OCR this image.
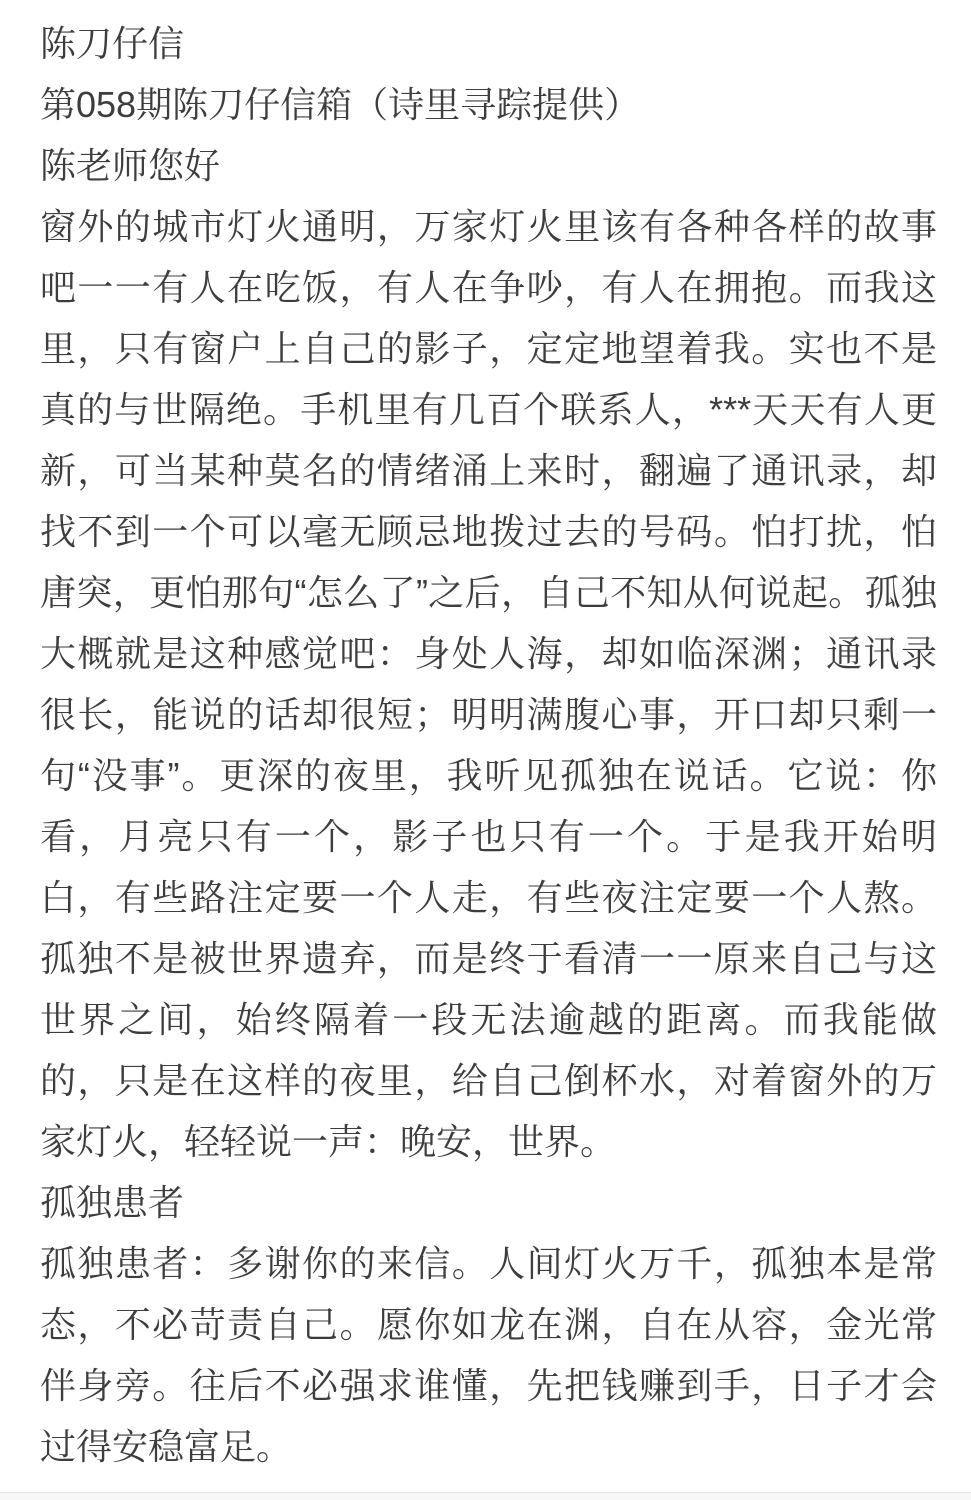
陈刀仔信

第058期陈刀仔信箱（诗里寻踪提供）

陈老师您好

窗外的城市灯火通明，万家灯火里该有各种各样的故事吧一一有人在吃饭，有人在争吵，有人在拥抱。而我这里，只有窗户上自己的影子，定定地望着我。实也不是真的与世隔绝。手机里有几百个联系人，***天天有人更新，可当某种莫名的情绪涌上来时，翻遍了通讯录，却找不到一个可以毫无顾忌地拨过去的号码。怕打扰，怕唐突，更怕那句“怎么了”之后，自己不知从何说起。孤独大概就是这种感觉吧：身处人海，却如临深渊；通讯录很长，能说的话却很短；明明满腹心事，开口却只剩一句“没事”。更深的夜里，我听见孤独在说话。它说：你看，月亮只有一个，影子也只有一个。于是我开始明白，有些路注定要一个人走，有些夜注定要一个人熬。孤独不是被世界遗弃，而是终于看清一一原来自己与这世界之间，始终隔着一段无法逾越的距离。而我能做的，只是在这样的夜里，给自己倒杯水，对着窗外的万家灯火，轻轻说一声：晚安，世界。

孤独患者

孤独患者：多谢你的来信。人间灯火万千，孤独本是常态，不必苛责自己。愿你如龙在渊，自在从容，金光常伴身旁。往后不必强求谁懂，先把钱赚到手，日子才会过得安稳富足。
